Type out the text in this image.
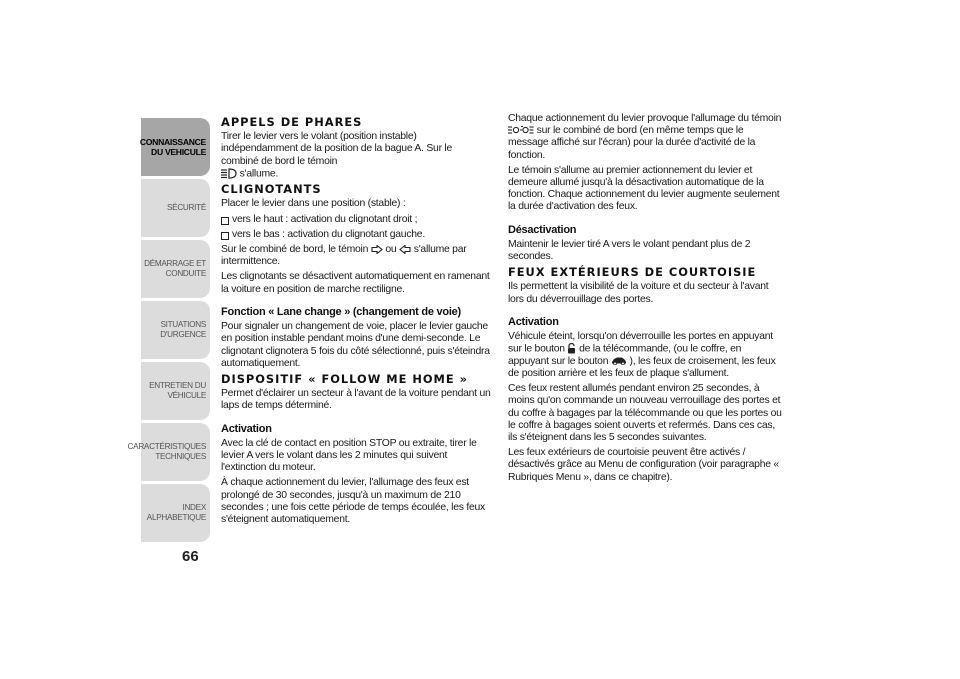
CONNAISSANCE
DU VEHICULE
SÉCURITÉ
DÉMARRAGE ET
CONDUITE
SITUATIONS
D'URGENCE
ENTRETIEN DU
VÉHICULE
CARACTÉRISTIQUES
TECHNIQUES
INDEX
ALPHABETIQUE
66
APPELS DE PHARES

Tirer le levier vers le volant (position instable) indépendamment de la position de la bague A. Sur le combiné de bord le témoin
s'allume.

CLIGNOTANTS

Placer le levier dans une position (stable) :

vers le haut : activation du clignotant droit ;
vers le bas : activation du clignotant gauche.

Sur le combiné de bord, le témoin ou s'allume par intermittence.

Les clignotants se désactivent automatiquement en ramenant la voiture en position de marche rectiligne.

Fonction « Lane change » (changement de voie)

Pour signaler un changement de voie, placer le levier gauche en position instable pendant moins d'une demi-seconde. Le clignotant clignotera 5 fois du côté sélectionné, puis s'éteindra automatiquement.

DISPOSITIF « FOLLOW ME HOME »

Permet d'éclairer un secteur à l'avant de la voiture pendant un laps de temps déterminé.

Activation

Avec la clé de contact en position STOP ou extraite, tirer le levier A vers le volant dans les 2 minutes qui suivent l'extinction du moteur.

À chaque actionnement du levier, l'allumage des feux est prolongé de 30 secondes, jusqu'à un maximum de 210 secondes ; une fois cette période de temps écoulée, les feux s'éteignent automatiquement.

Chaque actionnement du levier provoque l'allumage du témoin
sur le combiné de bord (en même temps que le message affiché sur l'écran) pour la durée d'activité de la fonction.

Le témoin s'allume au premier actionnement du levier et demeure allumé jusqu'à la désactivation automatique de la fonction. Chaque actionnement du levier augmente seulement la durée d'activation des feux.

Désactivation

Maintenir le levier tiré A vers le volant pendant plus de 2 secondes.

FEUX EXTÉRIEURS DE COURTOISIE

Ils permettent la visibilité de la voiture et du secteur à l'avant lors du déverrouillage des portes.

Activation

Véhicule éteint, lorsqu'on déverrouille les portes en appuyant sur le bouton de la télécommande, (ou le coffre, en appuyant sur le bouton ), les feux de croisement, les feux de position arrière et les feux de plaque s'allument.

Ces feux restent allumés pendant environ 25 secondes, à moins qu'on commande un nouveau verrouillage des portes et du coffre à bagages par la télécommande ou que les portes ou le coffre à bagages soient ouverts et refermés. Dans ces cas, ils s'éteignent dans les 5 secondes suivantes.

Les feux extérieurs de courtoisie peuvent être activés / désactivés grâce au Menu de configuration (voir paragraphe « Rubriques Menu », dans ce chapitre).
